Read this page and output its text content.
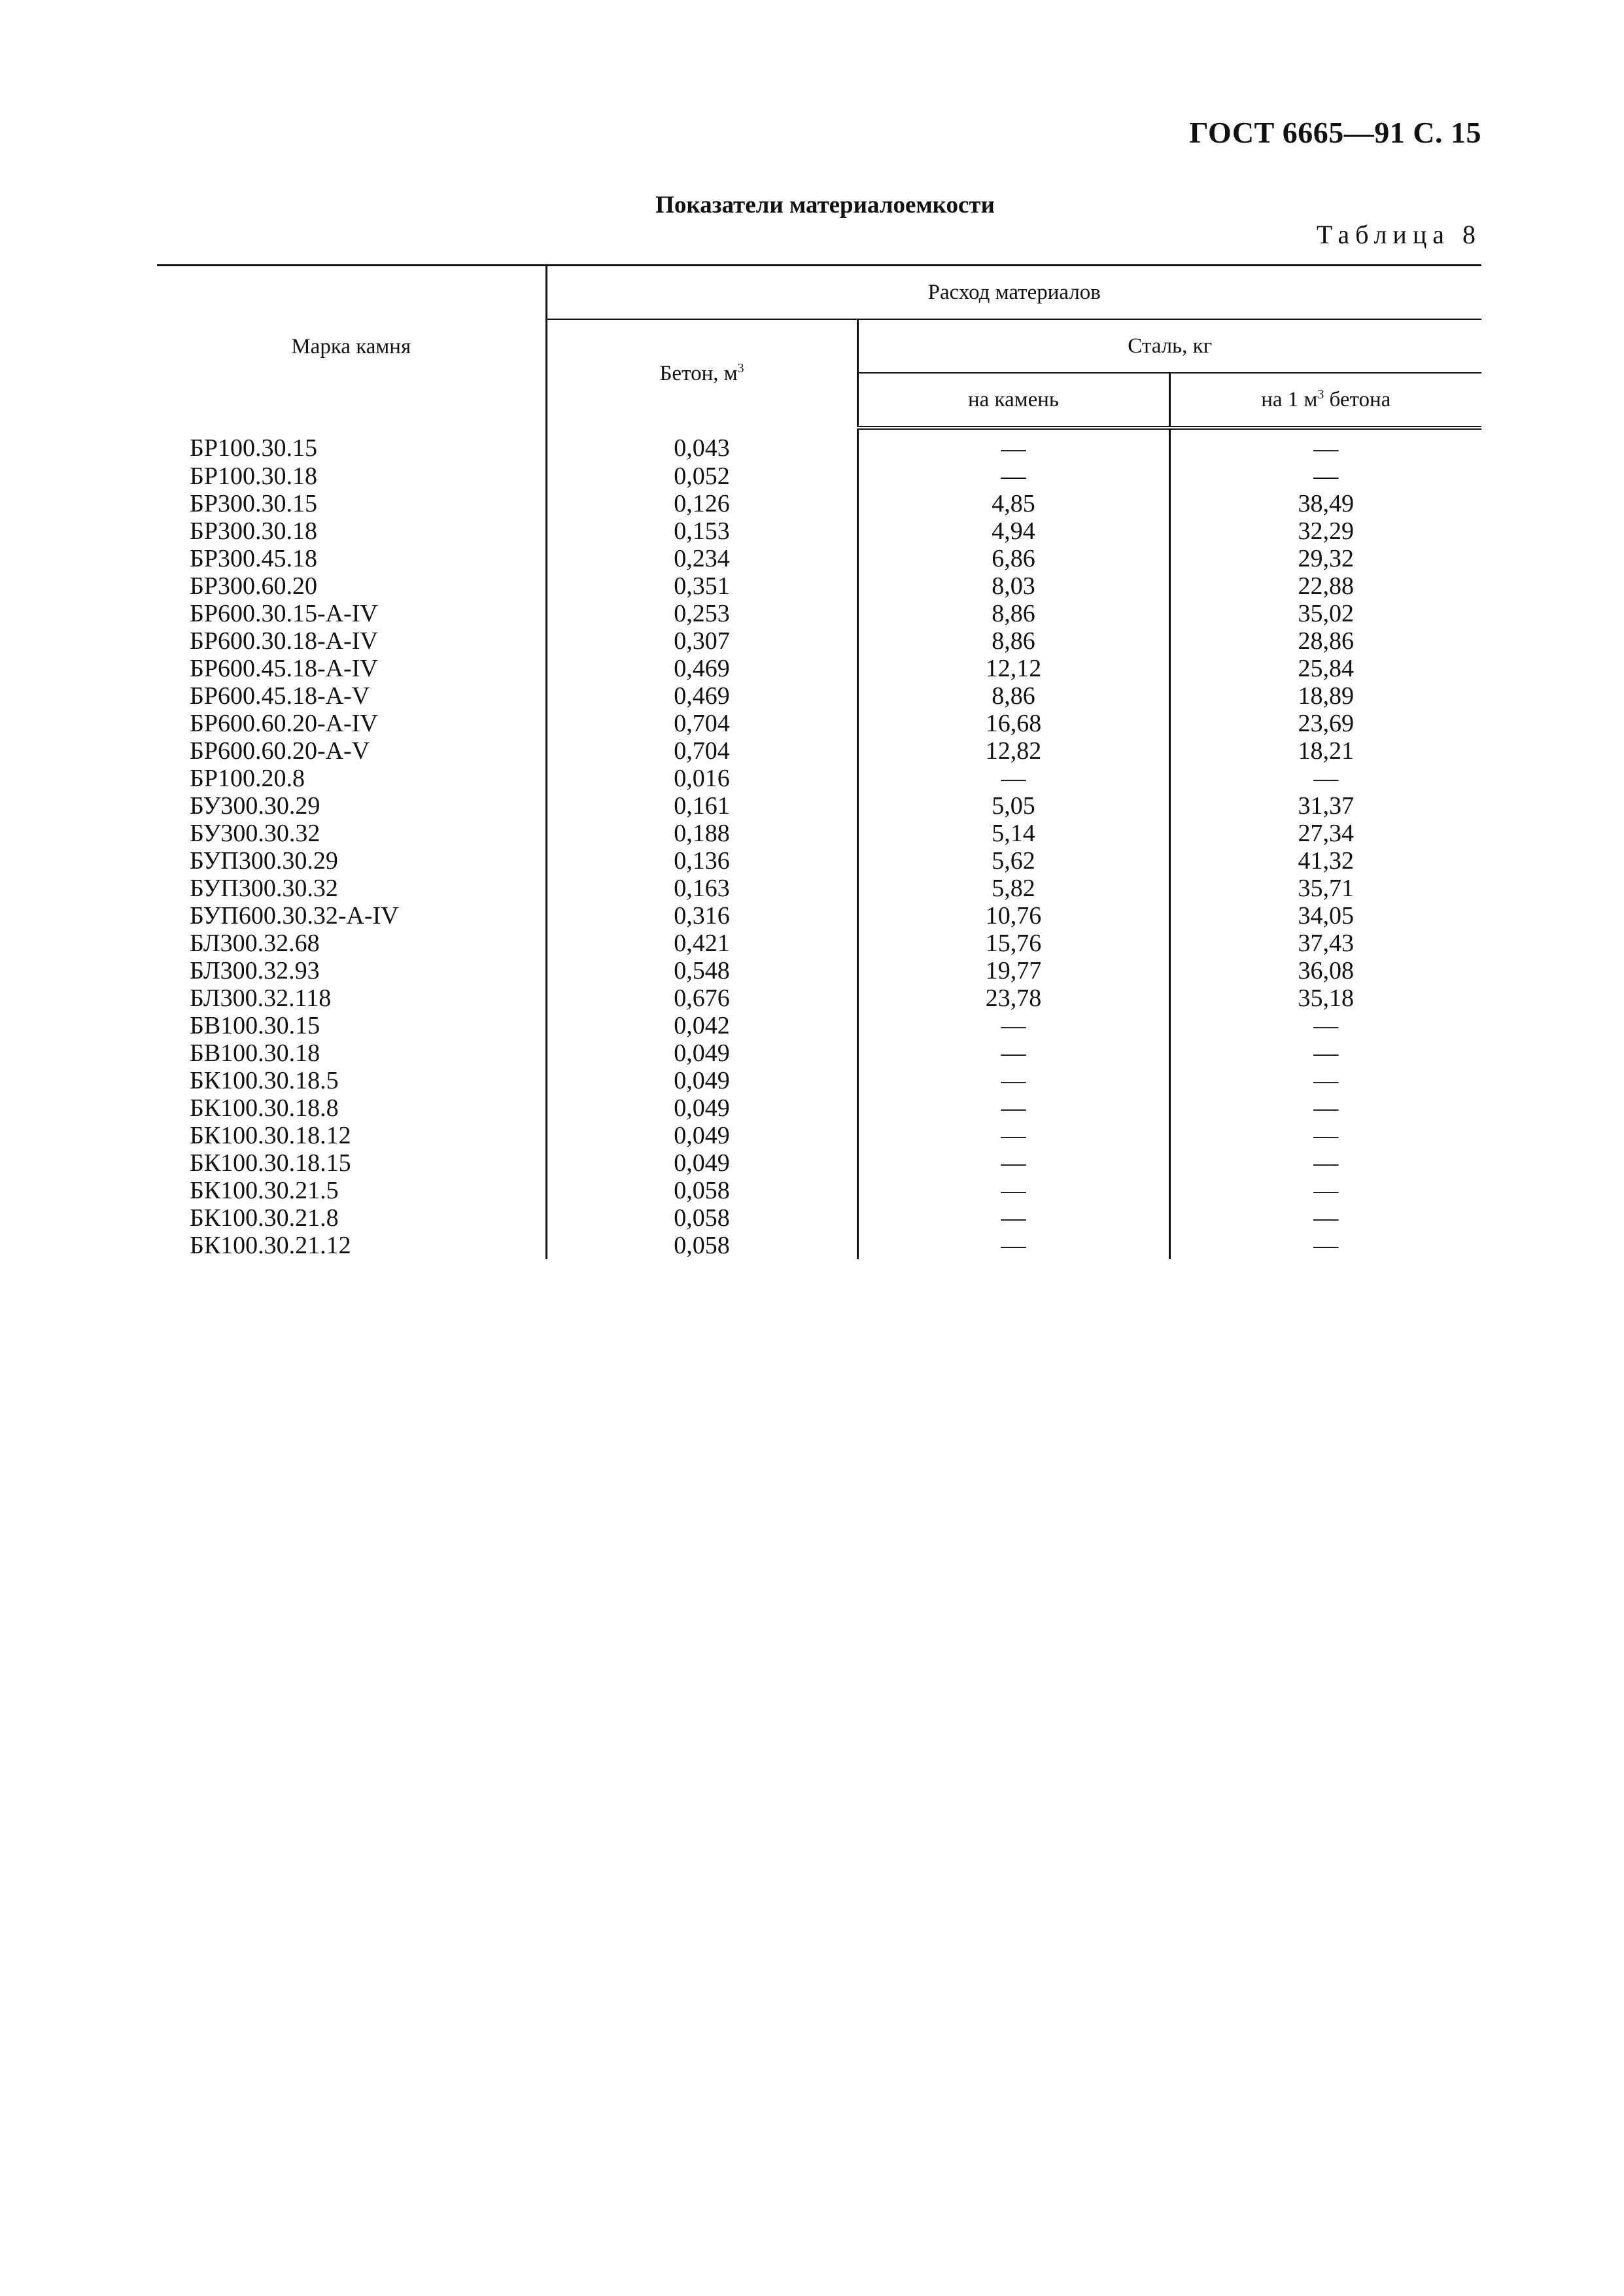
ГОСТ 6665—91 С. 15
Показатели материалоемкости
Таблица 8
Марка камня	Расход материалов		
	Бетон, $м^3$	Сталь, кг	
		на камень	на 1 $м^3$ бетона
БР100.30.15	0,043	—	—
БР100.30.18	0,052	—	—
БР300.30.15	0,126	4,85	38,49
БР300.30.18	0,153	4,94	32,29
БР300.45.18	0,234	6,86	29,32
БР300.60.20	0,351	8,03	22,88
БР600.30.15-А-IV	0,253	8,86	35,02
БР600.30.18-А-IV	0,307	8,86	28,86
БР600.45.18-А-IV	0,469	12,12	25,84
БР600.45.18-А-V	0,469	8,86	18,89
БР600.60.20-А-IV	0,704	16,68	23,69
БР600.60.20-А-V	0,704	12,82	18,21
БР100.20.8	0,016	—	—
БУ300.30.29	0,161	5,05	31,37
БУ300.30.32	0,188	5,14	27,34
БУП300.30.29	0,136	5,62	41,32
БУП300.30.32	0,163	5,82	35,71
БУП600.30.32-А-IV	0,316	10,76	34,05
БЛ300.32.68	0,421	15,76	37,43
БЛ300.32.93	0,548	19,77	36,08
БЛ300.32.118	0,676	23,78	35,18
БВ100.30.15	0,042	—	—
БВ100.30.18	0,049	—	—
БК100.30.18.5	0,049	—	—
БК100.30.18.8	0,049	—	—
БК100.30.18.12	0,049	—	—
БК100.30.18.15	0,049	—	—
БК100.30.21.5	0,058	—	—
БК100.30.21.8	0,058	—	—
БК100.30.21.12	0,058	—	—
